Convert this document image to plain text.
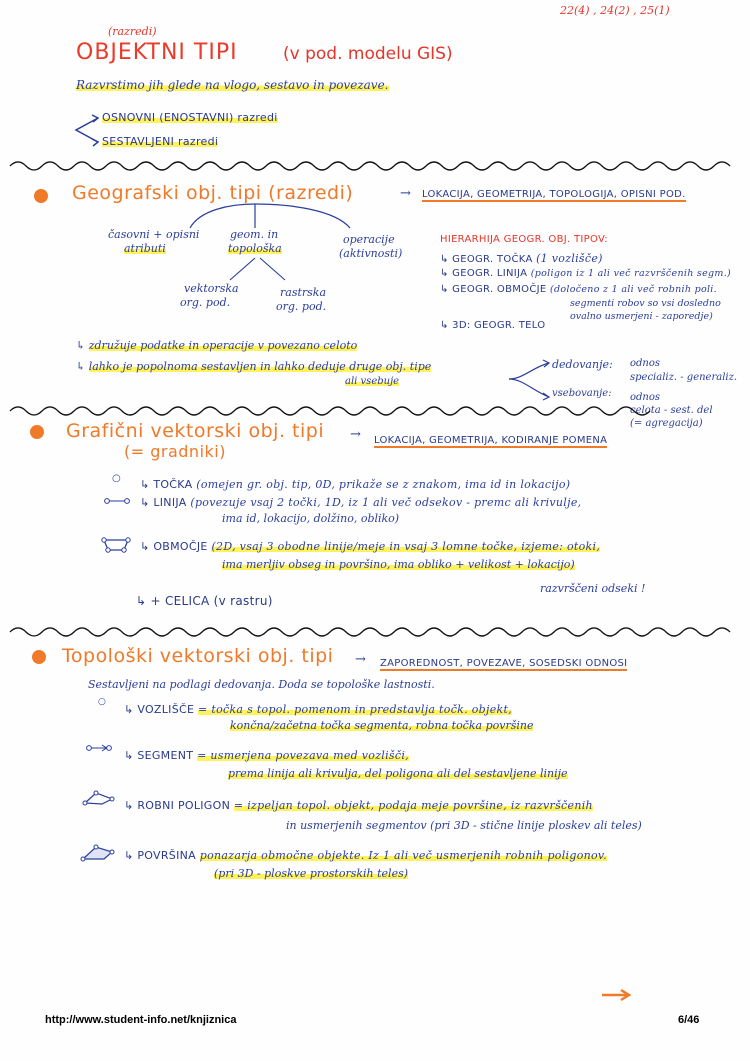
22(4) , 24(2) , 25(1)
(razredi)
OBJEKTNI TIPI	(v pod. modelu GIS)
Razvrstimo jih glede na vlogo, sestavo in povezave.
OSNOVNI (ENOSTAVNI) razredi
SESTAVLJENI razredi
Geografski obj. tipi (razredi)	→ LOKACIJA, GEOMETRIJA, TOPOLOGIJA, OPISNI POD.
časovni + opisni
atributi
geom. in
topološka
operacije
(aktivnosti)
vektorska
org. pod.
rastrska
org. pod.
HIERARHIJA GEOGR. OBJ. TIPOV:
↳ GEOGR. TOČKA (1 vozlišče)
↳ GEOGR. LINIJA (poligon iz 1 ali več razvrščenih segm.)
↳ GEOGR. OBMOČJE (določeno z 1 ali več robnih poli.
segmenti robov so vsi dosledno
ovalno usmerjeni - zaporedje)
↳ 3D: GEOGR. TELO
↳ združuje podatke in operacije v povezano celoto
↳ lahko je popolnoma sestavljen in lahko deduje druge obj. tipe
ali vsebuje
dedovanje: odnos
specializ. - generaliz.
vsebovanje: odnos
celota - sest. del
(= agregacija)
Grafični vektorski obj. tipi
(= gradniki)
→ LOKACIJA, GEOMETRIJA, KODIRANJE POMENA
○ ↳ TOČKA (omejen gr. obj. tip, 0D, prikaže se z znakom, ima id in lokacijo)
↳ LINIJA (povezuje vsaj 2 točki, 1D, iz 1 ali več odsekov - premc ali krivulje,
ima id, lokacijo, dolžino, obliko)
↳ OBMOČJE (2D, vsaj 3 obodne linije/meje in vsaj 3 lomne točke, izjeme: otoki,
ima merljiv obseg in površino, ima obliko + velikost + lokacijo)
razvrščeni odseki !
↳ + CELICA (v rastru)
Topološki vektorski obj. tipi → ZAPOREDNOST, POVEZAVE, SOSEDSKI ODNOSI
Sestavljeni na podlagi dedovanja. Doda se topološke lastnosti.
○
↳ VOZLIŠČE = točka s topol. pomenom in predstavlja točk. objekt,
končna/začetna točka segmenta, robna točka površine
↳ SEGMENT = usmerjena povezava med vozlišči,
prema linija ali krivulja, del poligona ali del sestavljene linije
↳ ROBNI POLIGON = izpeljan topol. objekt, podaja meje površine, iz razvrščenih
in usmerjenih segmentov (pri 3D - stične linije ploskev ali teles)
↳ POVRŠINA ponazarja območne objekte. Iz 1 ali več usmerjenih robnih poligonov.
(pri 3D - ploskve prostorskih teles)
http://www.student-info.net/knjiznica	6/46
